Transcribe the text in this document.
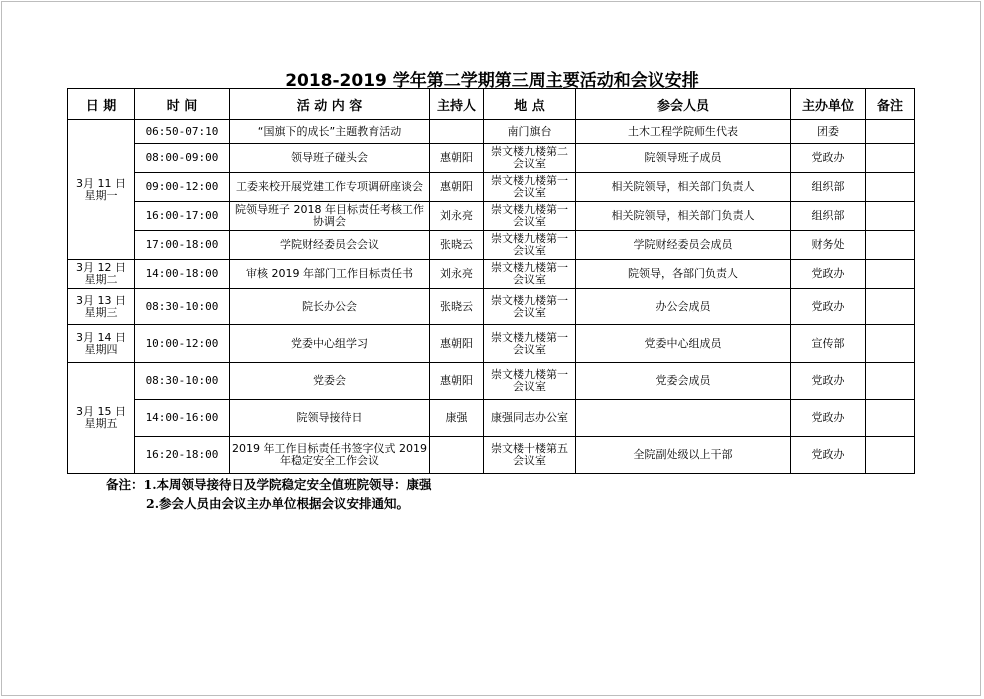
2018-2019 学年第二学期第三周主要活动和会议安排
日 期	时 间	活 动 内 容	主持人	地 点	参会人员	主办单位	备注
3月 11 日
星期一	06:50-07:10	“国旗下的成长”主题教育活动		南门旗台	土木工程学院师生代表	团委	
	08:00-09:00	领导班子碰头会	惠朝阳	崇文楼九楼第二会议室	院领导班子成员	党政办	
	09:00-12:00	工委来校开展党建工作专项调研座谈会	惠朝阳	崇文楼九楼第一会议室	相关院领导，相关部门负责人	组织部	
	16:00-17:00	院领导班子 2018 年目标责任考核工作协调会	刘永亮	崇文楼九楼第一会议室	相关院领导，相关部门负责人	组织部	
	17:00-18:00	学院财经委员会会议	张晓云	崇文楼九楼第一会议室	学院财经委员会成员	财务处	
3月 12 日
星期二	14:00-18:00	审核 2019 年部门工作目标责任书	刘永亮	崇文楼九楼第一会议室	院领导，各部门负责人	党政办	
3月 13 日
星期三	08:30-10:00	院长办公会	张晓云	崇文楼九楼第一会议室	办公会成员	党政办	
3月 14 日
星期四	10:00-12:00	党委中心组学习	惠朝阳	崇文楼九楼第一会议室	党委中心组成员	宣传部	
3月 15 日
星期五	08:30-10:00	党委会	惠朝阳	崇文楼九楼第一会议室	党委会成员	党政办	
	14:00-16:00	院领导接待日	康强	康强同志办公室		党政办	
	16:20-18:00	2019 年工作目标责任书签字仪式 2019 年稳定安全工作会议		崇文楼十楼第五会议室	全院副处级以上干部	党政办	
备注：1.本周领导接待日及学院稳定安全值班院领导：康强
2.参会人员由会议主办单位根据会议安排通知。
